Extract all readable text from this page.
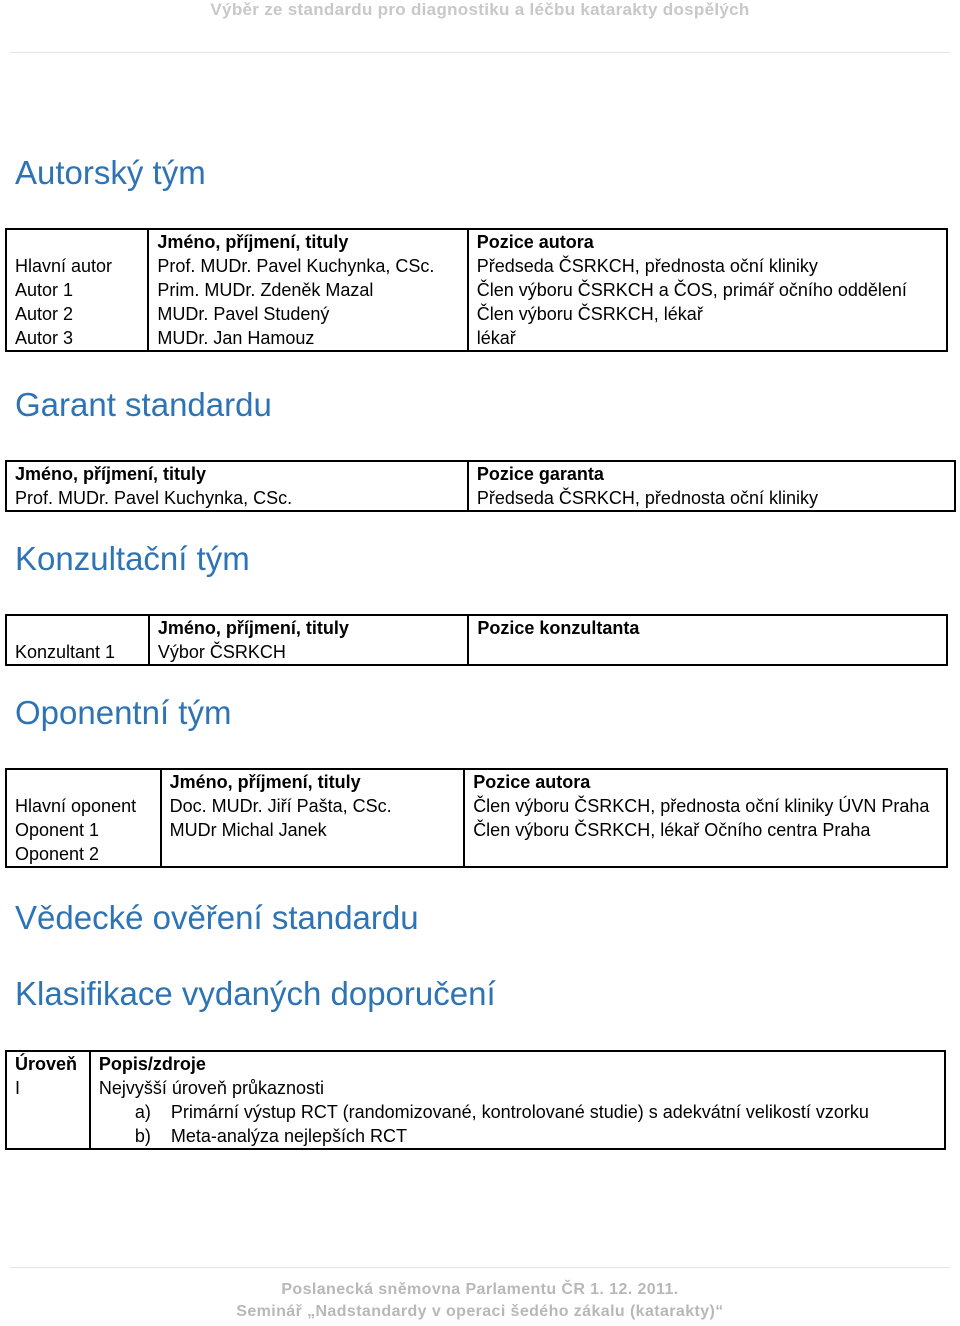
Výběr ze standardu pro diagnostiku a léčbu katarakty dospělých
Autorský tým
	Jméno, příjmení, tituly	Pozice autora
Hlavní autor	Prof. MUDr. Pavel Kuchynka, CSc.	Předseda ČSRKCH, přednosta oční kliniky
Autor 1	Prim. MUDr. Zdeněk Mazal	Člen výboru ČSRKCH a ČOS, primář očního oddělení
Autor 2	MUDr. Pavel Studený	Člen výboru ČSRKCH, lékař
Autor 3	MUDr. Jan Hamouz	lékař
Garant standardu
Jméno, příjmení, tituly	Pozice garanta
Prof. MUDr. Pavel Kuchynka, CSc.	Předseda ČSRKCH, přednosta oční kliniky
Konzultační tým
	Jméno, příjmení, tituly	Pozice konzultanta
Konzultant 1	Výbor ČSRKCH	
Oponentní tým
	Jméno, příjmení, tituly	Pozice autora
Hlavní oponent	Doc. MUDr. Jiří Pašta, CSc.	Člen výboru ČSRKCH, přednosta oční kliniky ÚVN Praha
Oponent 1	MUDr Michal Janek	Člen výboru ČSRKCH, lékař Očního centra Praha
Oponent 2		
Vědecké ověření standardu
Klasifikace vydaných doporučení
Úroveň	Popis/zdroje
I	Nejvyšší úroveň průkaznosti
	a) Primární výstup RCT (randomizované, kontrolované studie) s adekvátní velikostí vzorku
	b) Meta-analýza nejlepších RCT
Poslanecká sněmovna Parlamentu ČR 1. 12. 2011.
Seminář „Nadstandardy v operaci šedého zákalu (katarakty)“
